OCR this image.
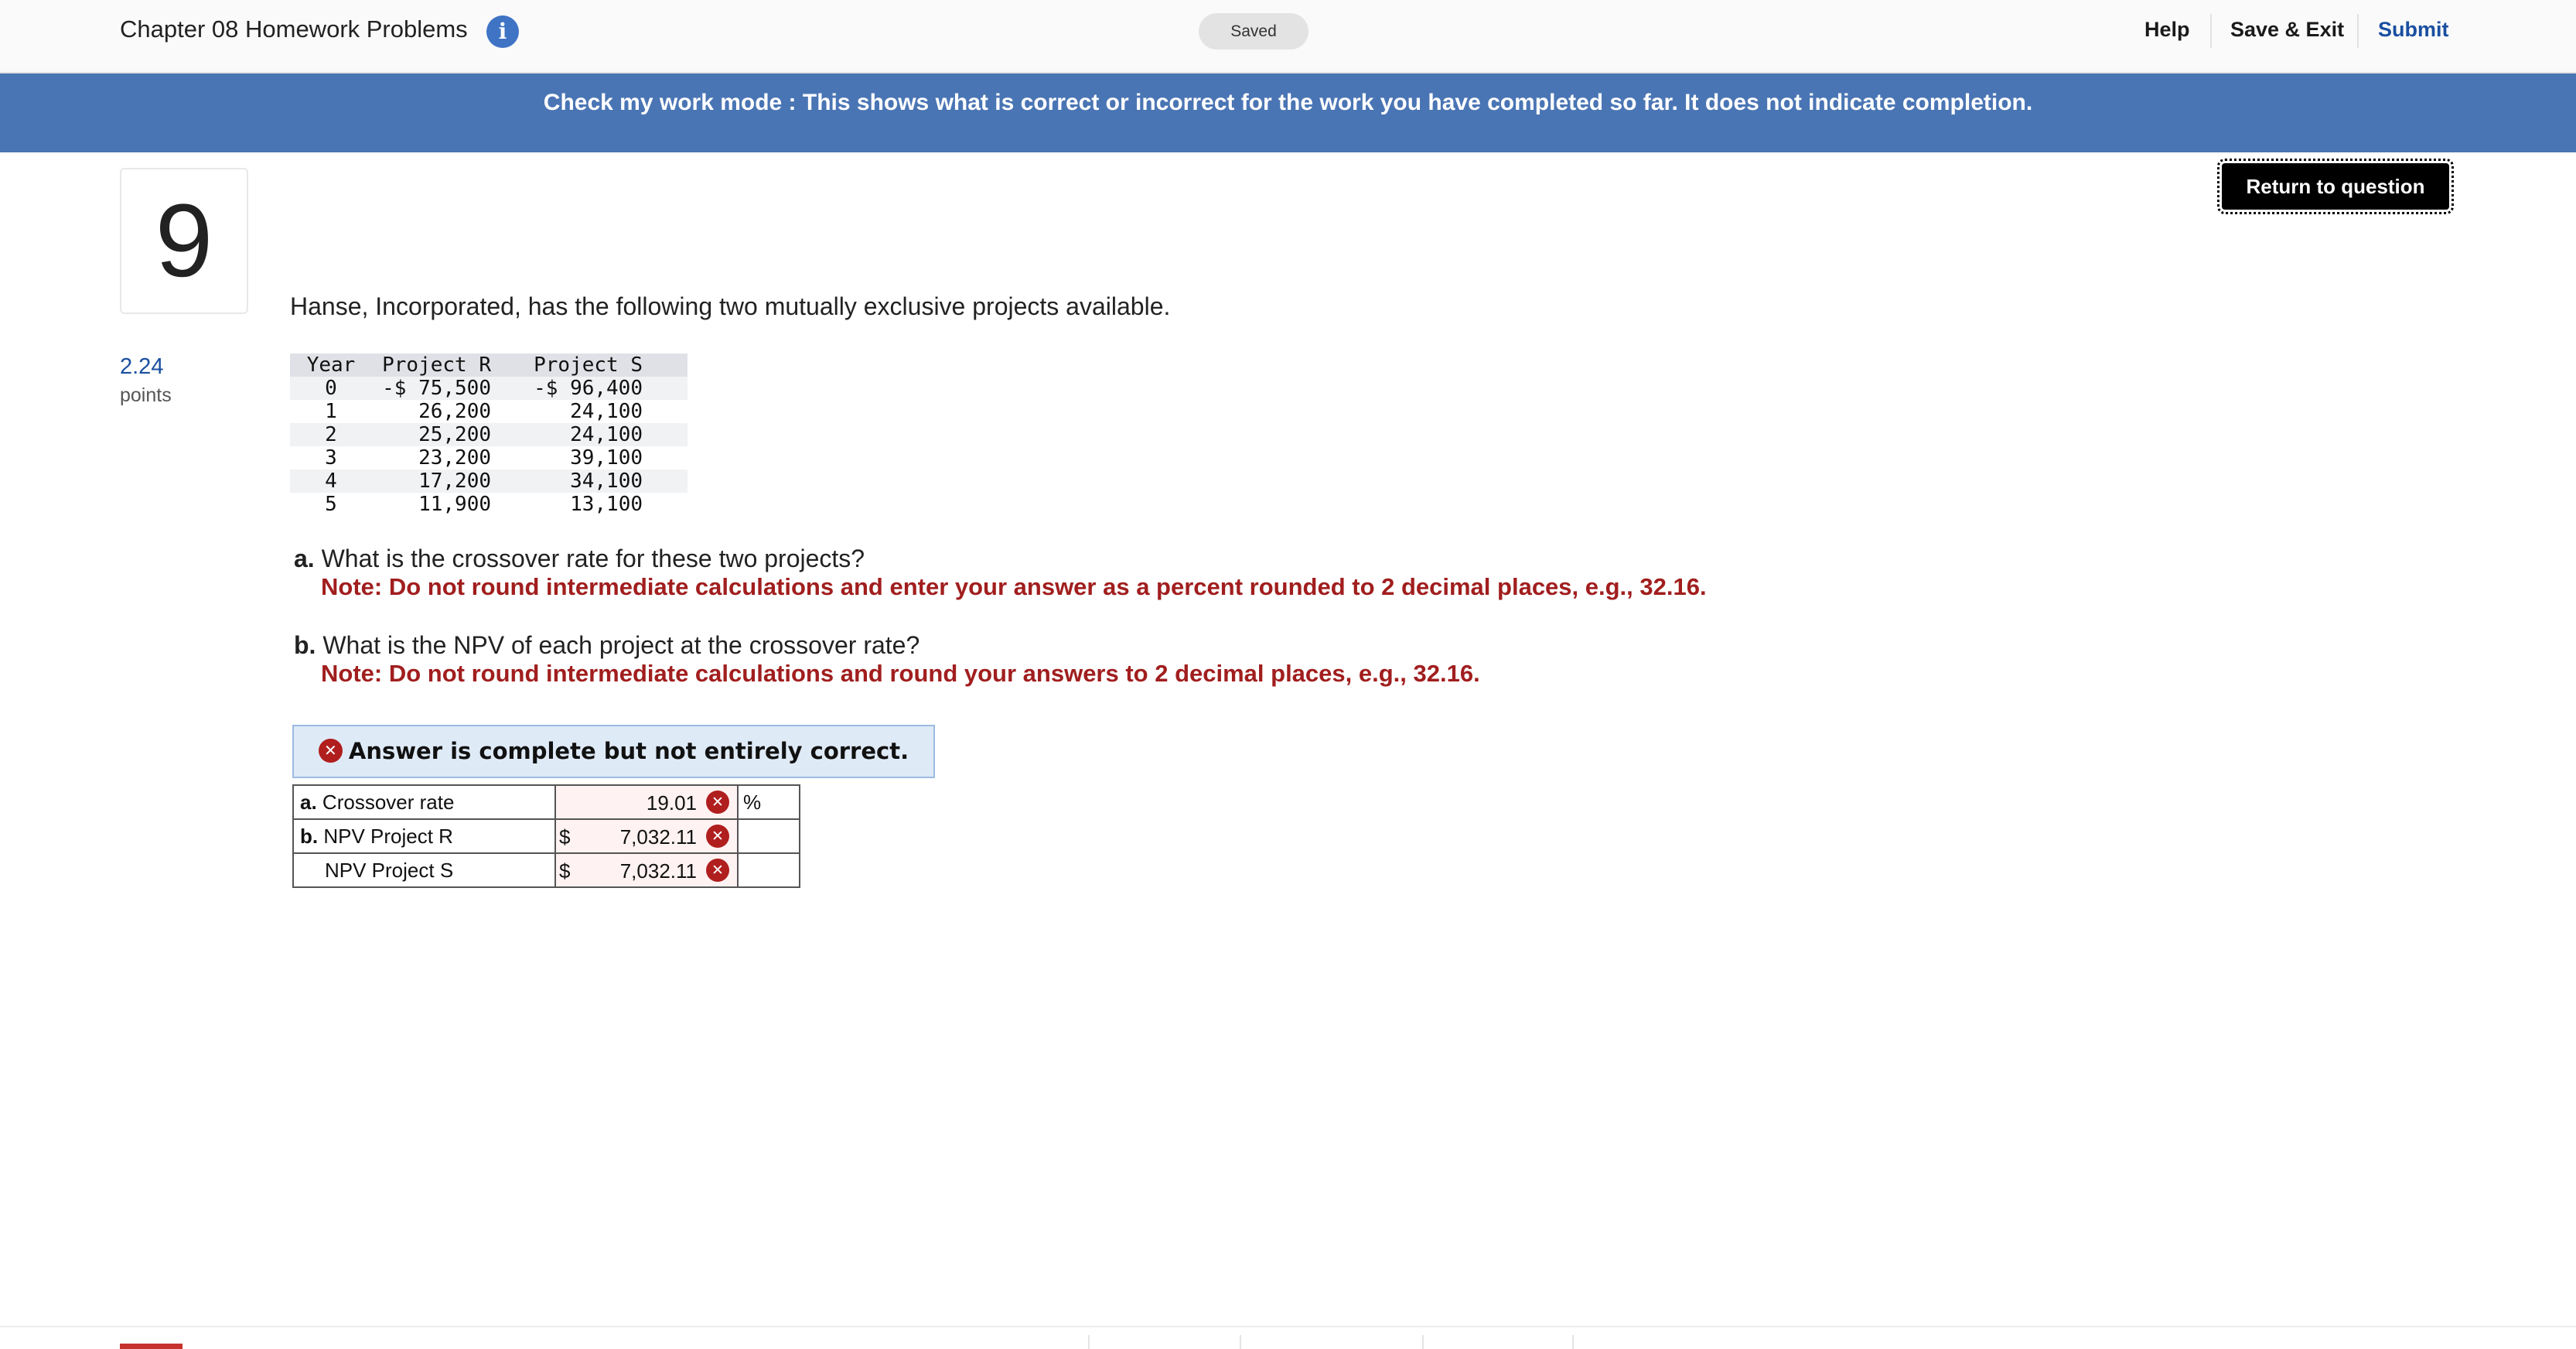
Chapter 08 Homework Problems	i	Saved	Help Save & Exit Submit
Check my work mode : This shows what is correct or incorrect for the work you have completed so far. It does not indicate completion.
Return to question
9
2.24
points
Hanse, Incorporated, has the following two mutually exclusive projects available.
Year	Project R	Project S
0	-$ 75,500	-$ 96,400
1	26,200	24,100
2	25,200	24,100
3	23,200	39,100
4	17,200	34,100
5	11,900	13,100
a. What is the crossover rate for these two projects?
Note: Do not round intermediate calculations and enter your answer as a percent rounded to 2 decimal places, e.g., 32.16.
b. What is the NPV of each project at the crossover rate?
Note: Do not round intermediate calculations and round your answers to 2 decimal places, e.g., 32.16.
✕ Answer is complete but not entirely correct.
a. Crossover rate	19.01 ✕	%
b. NPV Project R	$ 7,032.11 ✕	

NPV Project S	$ 7,032.11 ✕	
